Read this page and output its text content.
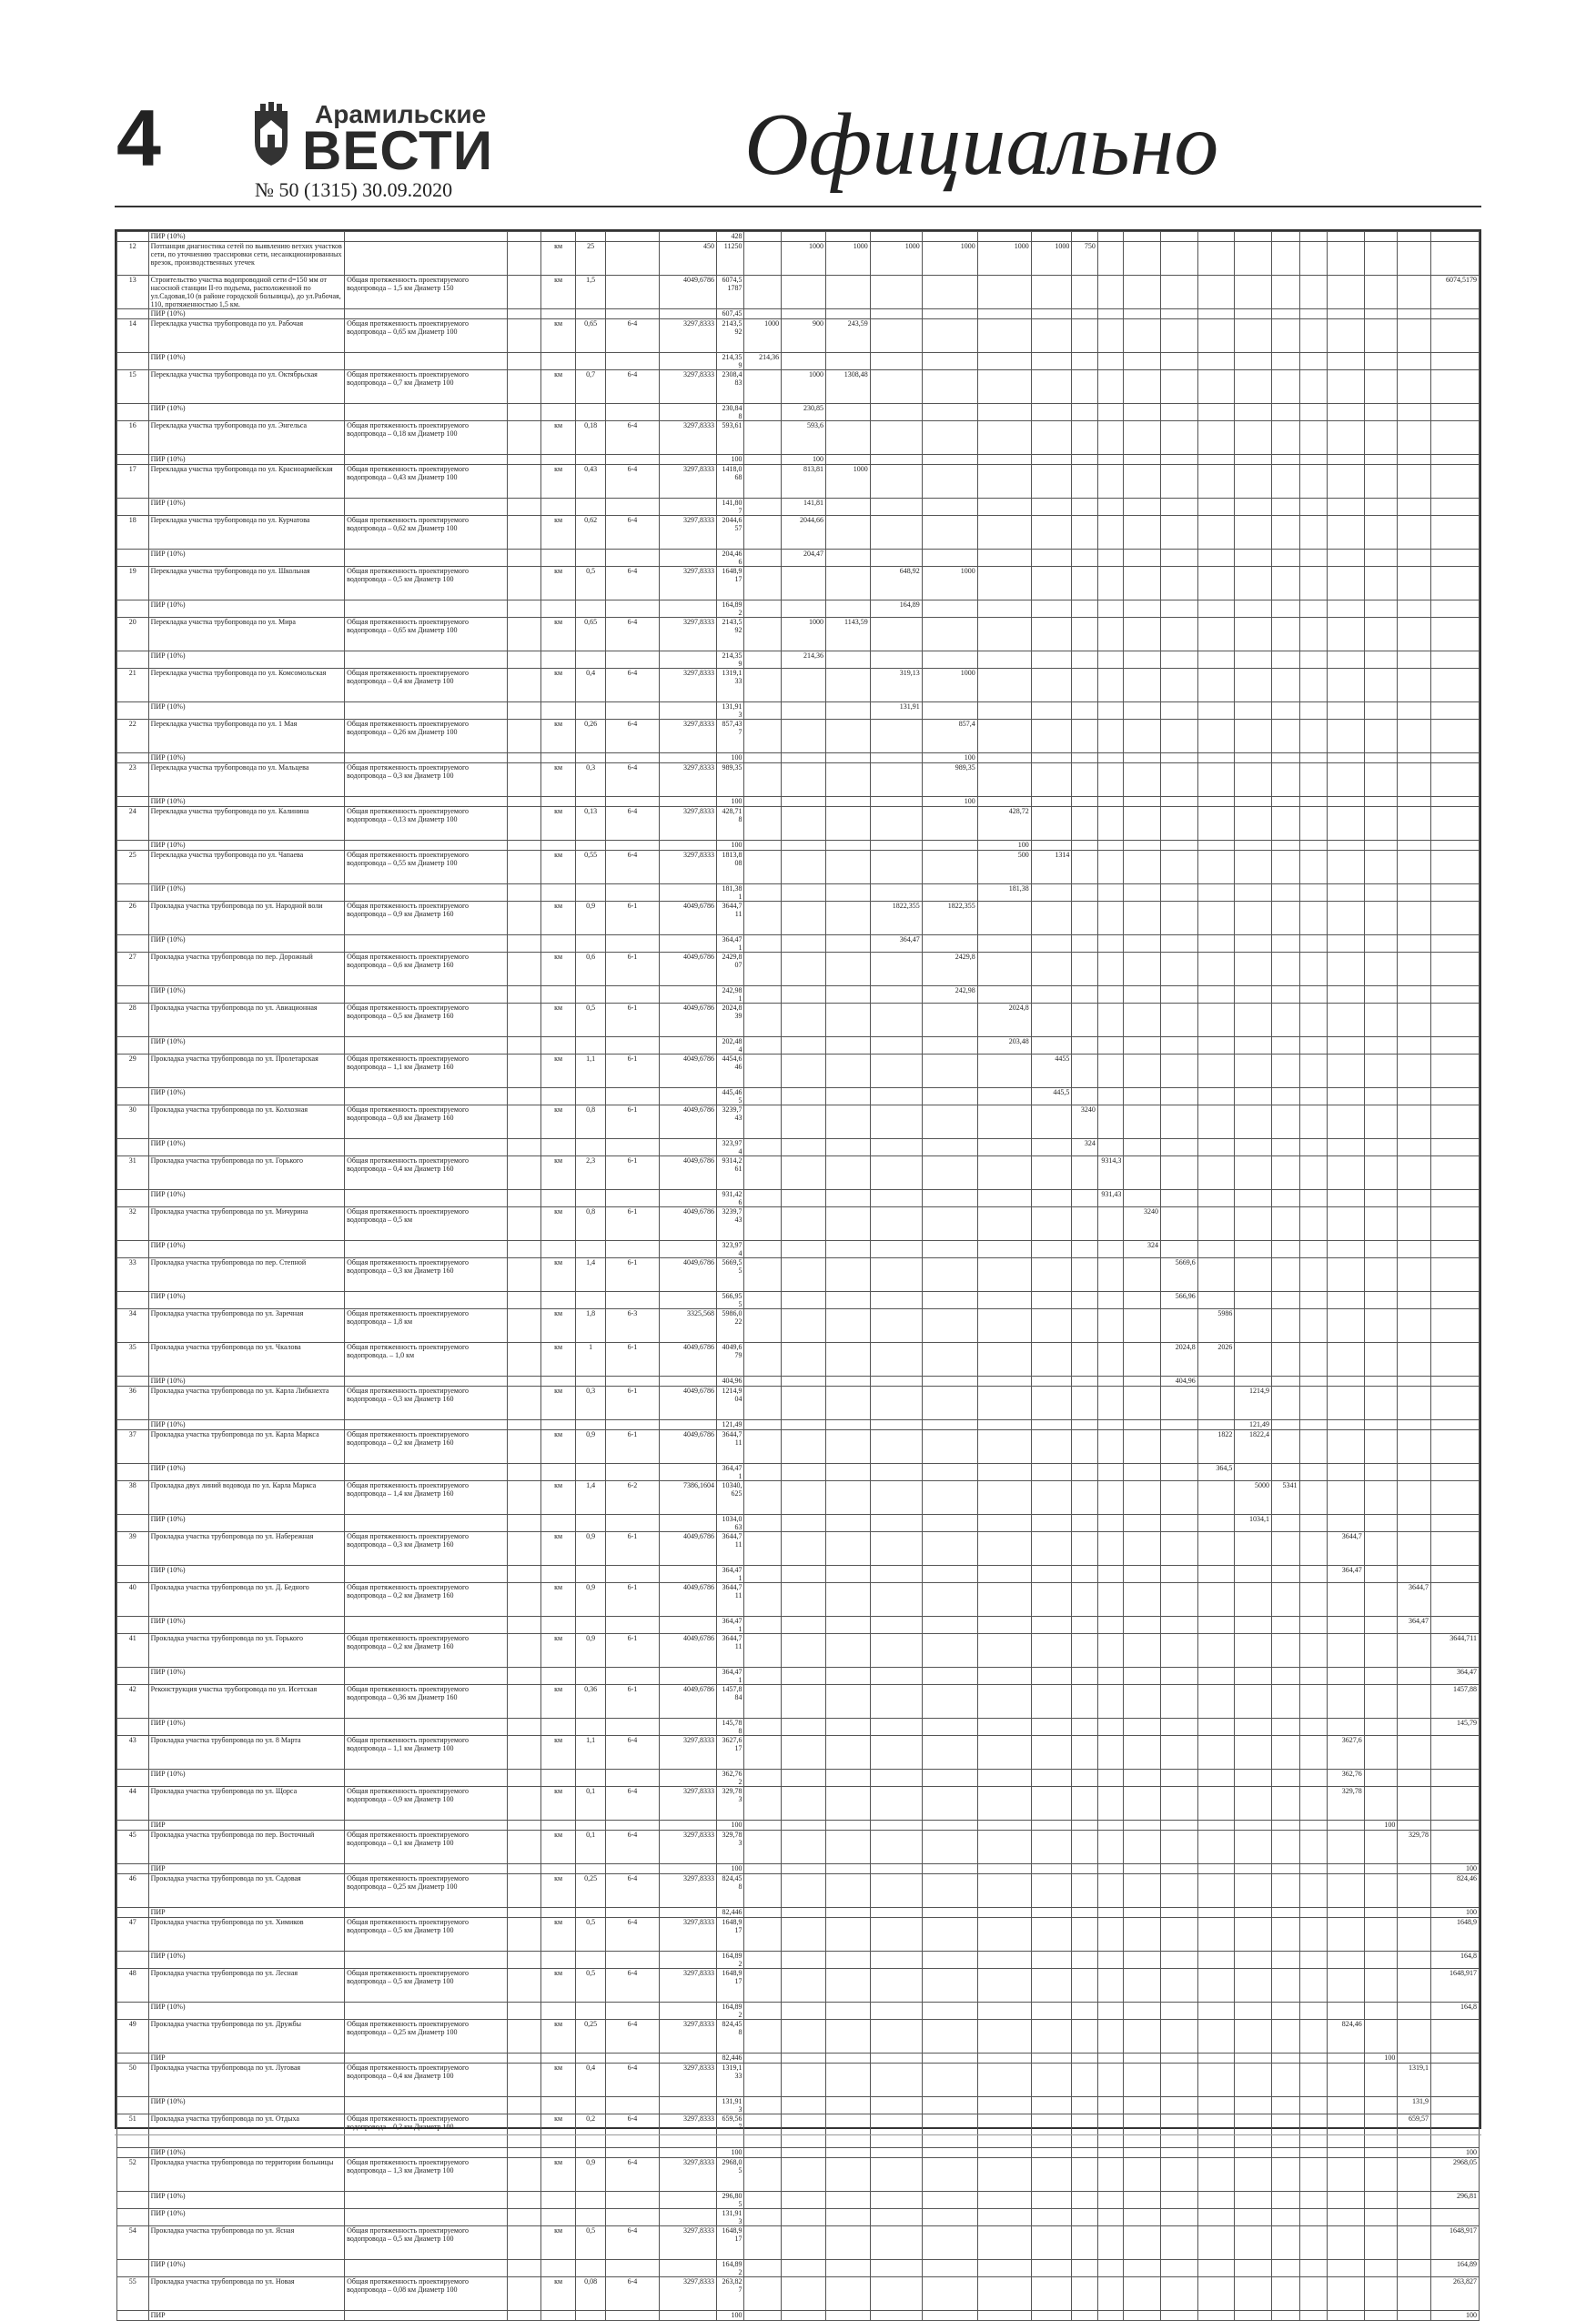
4	Арамильские
ВЕСТИ
№ 50 (1315) 30.09.2020	Официально
	ПИР (10%)							428																			
12	Потпанция диагностика сетей по выявлению ветхих участков сети, по уточнению трассировки сети, несанкционированных врезок, производственных утечек			км	25		450	11250		1000	1000	1000	1000	1000	1000	750											
13	Строительство участка водопроводной сети d=150 мм от насосной станции II-го подъема, расположенной по ул.Садовая,10 (в районе городской больницы), до ул.Рабочая, 110, протяженностью 1,5 км.	Общая протяженность проектируемого водопровода – 1,5 км Диаметр 150		км	1,5		4049,6786	6074,51787																			6074,5179
	ПИР (10%)							607,45																			
14	Перекладка участка трубопровода по ул. Рабочая	Общая протяженность проектируемого водопровода – 0,65 км Диаметр 100		км	0,65	6-4	3297,8333	2143,592	1000	900	243,59																
	ПИР (10%)							214,359	214,36																		
15	Перекладка участка трубопровода по ул. Октябрьская	Общая протяженность проектируемого водопровода – 0,7 км Диаметр 100		км	0,7	6-4	3297,8333	2308,483		1000	1308,48																
	ПИР (10%)							230,848		230,85																	
16	Перекладка участка трубопровода по ул. Энгельса	Общая протяженность проектируемого водопровода – 0,18 км Диаметр 100		км	0,18	6-4	3297,8333	593,61		593,6																	
	ПИР (10%)							100		100																	
17	Перекладка участка трубопровода по ул. Красноармейская	Общая протяженность проектируемого водопровода – 0,43 км Диаметр 100		км	0,43	6-4	3297,8333	1418,068		813,81	1000																
	ПИР (10%)							141,807		141,81																	
18	Перекладка участка трубопровода по ул. Курчатова	Общая протяженность проектируемого водопровода – 0,62 км Диаметр 100		км	0,62	6-4	3297,8333	2044,657		2044,66																	
	ПИР (10%)							204,466		204,47																	
19	Перекладка участка трубопровода по ул. Школьная	Общая протяженность проектируемого водопровода – 0,5 км Диаметр 100		км	0,5	6-4	3297,8333	1648,917				648,92	1000														
	ПИР (10%)							164,892				164,89															
20	Перекладка участка трубопровода по ул. Мира	Общая протяженность проектируемого водопровода – 0,65 км Диаметр 100		км	0,65	6-4	3297,8333	2143,592		1000	1143,59																
	ПИР (10%)							214,359		214,36																	
21	Перекладка участка трубопровода по ул. Комсомольская	Общая протяженность проектируемого водопровода – 0,4 км Диаметр 100		км	0,4	6-4	3297,8333	1319,133				319,13	1000														
	ПИР (10%)							131,913				131,91															
22	Перекладка участка трубопровода по ул. 1 Мая	Общая протяженность проектируемого водопровода – 0,26 км Диаметр 100		км	0,26	6-4	3297,8333	857,437					857,4														
	ПИР (10%)							100					100														
23	Перекладка участка трубопровода по ул. Мальцева	Общая протяженность проектируемого водопровода – 0,3 км Диаметр 100		км	0,3	6-4	3297,8333	989,35					989,35														
	ПИР (10%)							100					100														
24	Перекладка участка трубопровода по ул. Калинина	Общая протяженность проектируемого водопровода – 0,13 км Диаметр 100		км	0,13	6-4	3297,8333	428,718						428,72													
	ПИР (10%)							100						100													
25	Перекладка участка трубопровода по ул. Чапаева	Общая протяженность проектируемого водопровода – 0,55 км Диаметр 100		км	0,55	6-4	3297,8333	1813,808						500	1314												
	ПИР (10%)							181,381						181,38													
26	Прокладка участка трубопровода по ул. Народной воли	Общая протяженность проектируемого водопровода – 0,9 км Диаметр 160		км	0,9	6-1	4049,6786	3644,711				1822,355	1822,355														
	ПИР (10%)							364,471				364,47															
27	Прокладка участка трубопровода по пер. Дорожный	Общая протяженность проектируемого водопровода – 0,6 км Диаметр 160		км	0,6	6-1	4049,6786	2429,807					2429,8														
	ПИР (10%)							242,981					242,98														
28	Прокладка участка трубопровода по ул. Авиационная	Общая протяженность проектируемого водопровода – 0,5 км Диаметр 160		км	0,5	6-1	4049,6786	2024,839						2024,8													
	ПИР (10%)							202,484						203,48													
29	Прокладка участка трубопровода по ул. Пролетарская	Общая протяженность проектируемого водопровода – 1,1 км Диаметр 160		км	1,1	6-1	4049,6786	4454,646							4455												
	ПИР (10%)							445,465							445,5												
30	Прокладка участка трубопровода по ул. Колхозная	Общая протяженность проектируемого водопровода – 0,8 км Диаметр 160		км	0,8	6-1	4049,6786	3239,743								3240											
	ПИР (10%)							323,974								324											
31	Прокладка участка трубопровода по ул. Горького	Общая протяженность проектируемого водопровода – 0,4 км Диаметр 160		км	2,3	6-1	4049,6786	9314,261									9314,3										
	ПИР (10%)							931,426									931,43										
32	Прокладка участка трубопровода по ул. Мичурина	Общая протяженность проектируемого водопровода – 0,5 км		км	0,8	6-1	4049,6786	3239,743										3240									
	ПИР (10%)							323,974										324									
33	Прокладка участка трубопровода по пер. Степной	Общая протяженность проектируемого водопровода – 0,3 км Диаметр 160		км	1,4	6-1	4049,6786	5669,55											5669,6								
	ПИР (10%)							566,955											566,96								
34	Прокладка участка трубопровода по ул. Заречная	Общая протяженность проектируемого водопровода – 1,8 км		км	1,8	6-3	3325,568	5986,022												5986							
35	Прокладка участка трубопровода по ул. Чкалова	Общая протяженность проектируемого водопровода. – 1,0 км		км	1	6-1	4049,6786	4049,679											2024,8	2026							
	ПИР (10%)							404,96											404,96								
36	Прокладка участка трубопровода по ул. Карла Либкнехта	Общая протяженность проектируемого водопровода – 0,3 км Диаметр 160		км	0,3	6-1	4049,6786	1214,904													1214,9						
	ПИР (10%)							121,49													121,49						
37	Прокладка участка трубопровода по ул. Карла Маркса	Общая протяженность проектируемого водопровода – 0,2 км Диаметр 160		км	0,9	6-1	4049,6786	3644,711												1822	1822,4						
	ПИР (10%)							364,471												364,5							
38	Прокладка двух линий водовода по ул. Карла Маркса	Общая протяженность проектируемого водопровода – 1,4 км Диаметр 160		км	1,4	6-2	7386,1604	10340,625													5000	5341					
	ПИР (10%)							1034,063													1034,1						
39	Прокладка участка трубопровода по ул. Набережная	Общая протяженность проектируемого водопровода – 0,3 км Диаметр 160		км	0,9	6-1	4049,6786	3644,711																3644,7			
	ПИР (10%)							364,471																364,47			
40	Прокладка участка трубопровода по ул. Д. Бедного	Общая протяженность проектируемого водопровода – 0,2 км Диаметр 160		км	0,9	6-1	4049,6786	3644,711																		3644,7	
	ПИР (10%)							364,471																		364,47	
41	Прокладка участка трубопровода по ул. Горького	Общая протяженность проектируемого водопровода – 0,2 км Диаметр 160		км	0,9	6-1	4049,6786	3644,711																			3644,711
	ПИР (10%)							364,471																			364,47
42	Реконструкция участка трубопровода по ул. Исетская	Общая протяженность проектируемого водопровода – 0,36 км Диаметр 160		км	0,36	6-1	4049,6786	1457,884																			1457,88
	ПИР (10%)							145,788																			145,79
43	Прокладка участка трубопровода по ул. 8 Марта	Общая протяженность проектируемого водопровода – 1,1 км Диаметр 100		км	1,1	6-4	3297,8333	3627,617																3627,6			
	ПИР (10%)							362,762																362,76			
44	Прокладка участка трубопровода по ул. Щорса	Общая протяженность проектируемого водопровода – 0,9 км Диаметр 100		км	0,1	6-4	3297,8333	329,783																329,78			
	ПИР							100																	100		
45	Прокладка участка трубопровода по пер. Восточный	Общая протяженность проектируемого водопровода – 0,1 км Диаметр 100		км	0,1	6-4	3297,8333	329,783																		329,78	
	ПИР							100																			100
46	Прокладка участка трубопровода по ул. Садовая	Общая протяженность проектируемого водопровода – 0,25 км Диаметр 100		км	0,25	6-4	3297,8333	824,458																			824,46
	ПИР							82,446																			100
47	Прокладка участка трубопровода по ул. Химиков	Общая протяженность проектируемого водопровода – 0,5 км Диаметр 100		км	0,5	6-4	3297,8333	1648,917																			1648,9
	ПИР (10%)							164,892																			164,8
48	Прокладка участка трубопровода по ул. Лесная	Общая протяженность проектируемого водопровода – 0,5 км Диаметр 100		км	0,5	6-4	3297,8333	1648,917																			1648,917
	ПИР (10%)							164,892																			164,8
49	Прокладка участка трубопровода по ул. Дружбы	Общая протяженность проектируемого водопровода – 0,25 км Диаметр 100		км	0,25	6-4	3297,8333	824,458																824,46			
	ПИР							82,446																	100		
50	Прокладка участка трубопровода по ул. Луговая	Общая протяженность проектируемого водопровода – 0,4 км Диаметр 100		км	0,4	6-4	3297,8333	1319,133																		1319,1	
	ПИР (10%)							131,913																		131,9	
51	Прокладка участка трубопровода по ул. Отдыха	Общая протяженность проектируемого водопровода – 0,2 км Диаметр 100		км	0,2	6-4	3297,8333	659,567																		659,57	
	ПИР (10%)							100																			100
52	Прокладка участка трубопровода по территории больницы	Общая протяженность проектируемого водопровода – 1,3 км Диаметр 100		км	0,9	6-4	3297,8333	2968,05																			2968,05
	ПИР (10%)							296,805																			296,81
	ПИР (10%)							131,913																			
54	Прокладка участка трубопровода по ул. Ясная	Общая протяженность проектируемого водопровода – 0,5 км Диаметр 100		км	0,5	6-4	3297,8333	1648,917																			1648,917
	ПИР (10%)							164,892																			164,89
55	Прокладка участка трубопровода по ул. Новая	Общая протяженность проектируемого водопровода – 0,08 км Диаметр 100		км	0,08	6-4	3297,8333	263,827																			263,827
	ПИР							100																			100
